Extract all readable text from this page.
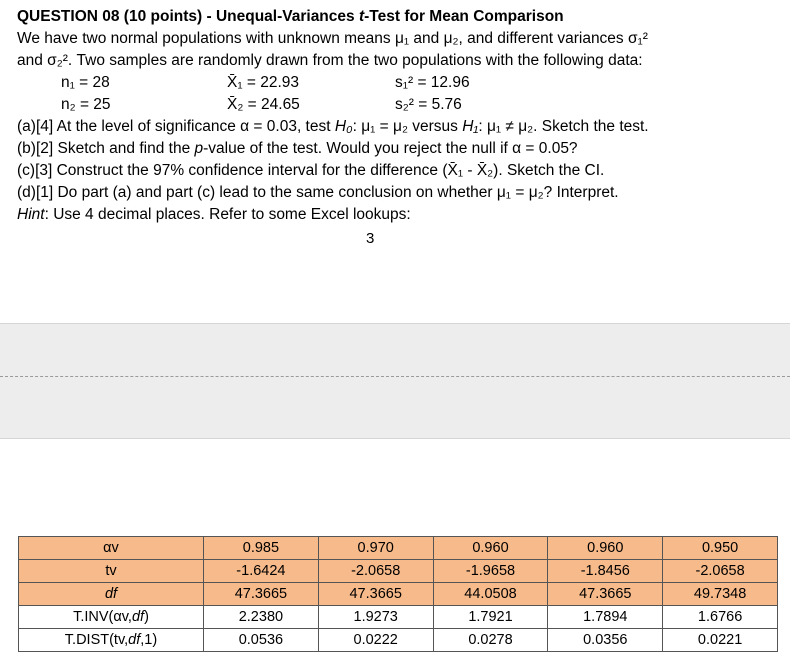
QUESTION 08 (10 points) - Unequal-Variances t-Test for Mean Comparison
We have two normal populations with unknown means μ₁ and μ₂, and different variances σ₁²
and σ₂². Two samples are randomly drawn from the two populations with the following data:
n₁ = 28	X̄₁ = 22.93	s₁² = 12.96
n₂ = 25	X̄₂ = 24.65	s₂² = 5.76
(a)[4] At the level of significance α = 0.03, test H₀: μ₁ = μ₂ versus H₁: μ₁ ≠ μ₂. Sketch the test.
(b)[2] Sketch and find the p-value of the test. Would you reject the null if α = 0.05?
(c)[3] Construct the 97% confidence interval for the difference (X̄₁ - X̄₂). Sketch the CI.
(d)[1] Do part (a) and part (c) lead to the same conclusion on whether μ₁ = μ₂? Interpret.
Hint: Use 4 decimal places. Refer to some Excel lookups:
3
αv	0.985	0.970	0.960	0.960	0.950
tv	-1.6424	-2.0658	-1.9658	-1.8456	-2.0658
df	47.3665	47.3665	44.0508	47.3665	49.7348
T.INV(αv,df)	2.2380	1.9273	1.7921	1.7894	1.6766
T.DIST(tv,df,1)	0.0536	0.0222	0.0278	0.0356	0.0221
